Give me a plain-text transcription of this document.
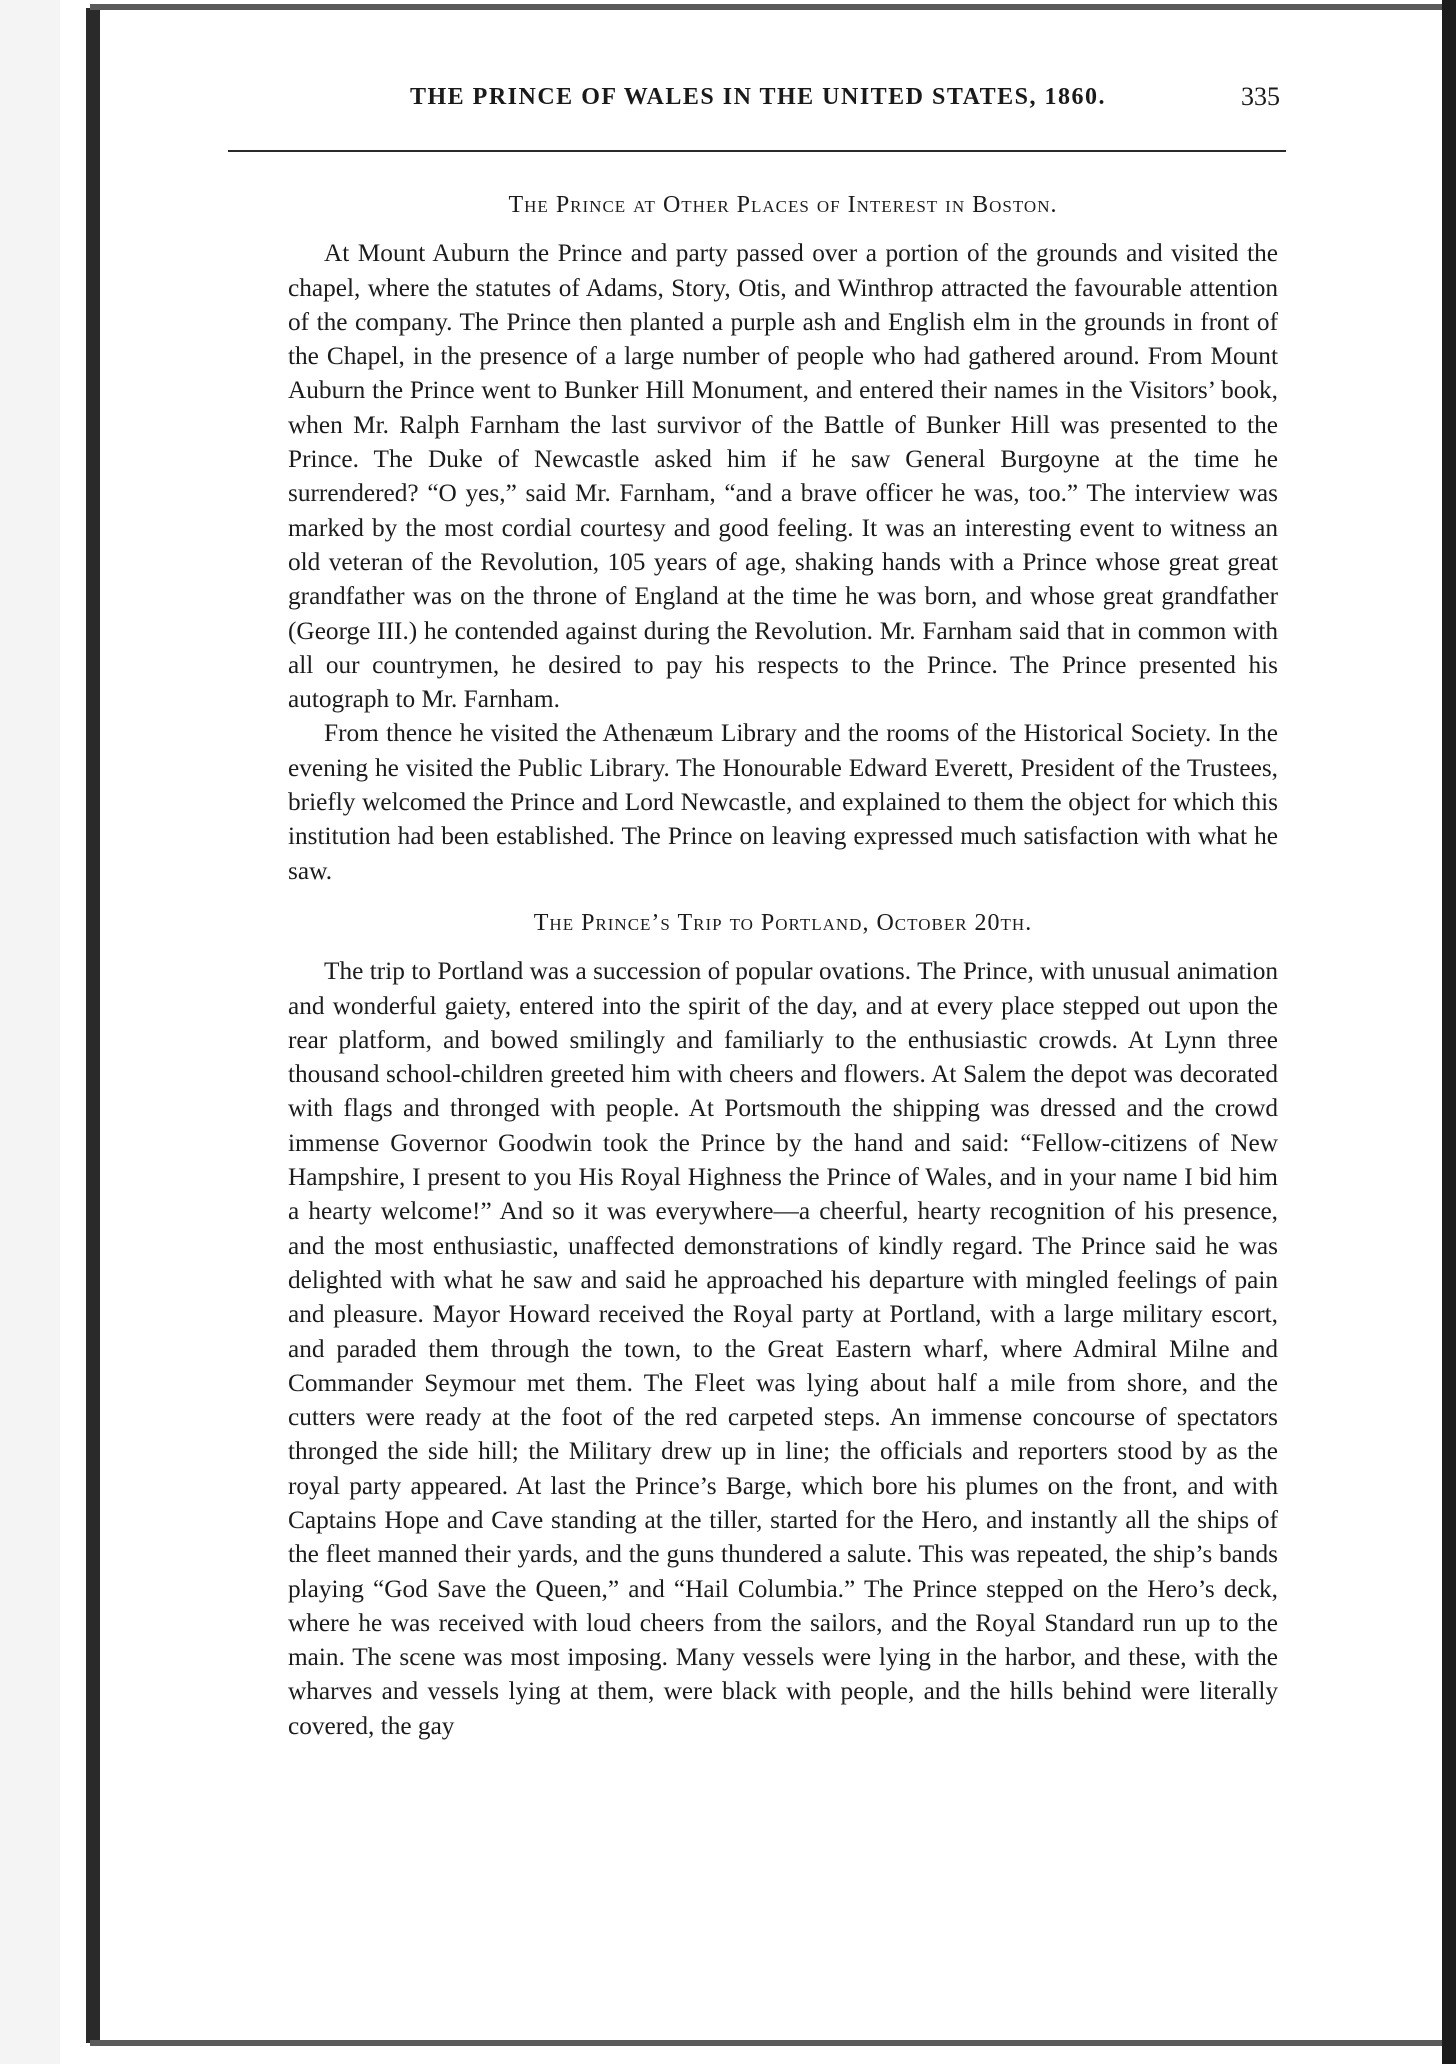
THE PRINCE OF WALES IN THE UNITED STATES, 1860.	335
The Prince at Other Places of Interest in Boston.

At Mount Auburn the Prince and party passed over a portion of the grounds and visited the chapel, where the statutes of Adams, Story, Otis, and Winthrop attracted the favourable attention of the company. The Prince then planted a purple ash and English elm in the grounds in front of the Chapel, in the presence of a large number of people who had gathered around. From Mount Auburn the Prince went to Bunker Hill Monument, and entered their names in the Visitors’ book, when Mr. Ralph Farnham the last survivor of the Battle of Bunker Hill was presented to the Prince. The Duke of Newcastle asked him if he saw General Burgoyne at the time he surrendered? “O yes,” said Mr. Farnham, “and a brave officer he was, too.” The interview was marked by the most cordial courtesy and good feeling. It was an interesting event to witness an old veteran of the Revolution, 105 years of age, shaking hands with a Prince whose great great grandfather was on the throne of England at the time he was born, and whose great grandfather (George III.) he contended against during the Revolution. Mr. Farnham said that in common with all our countrymen, he desired to pay his respects to the Prince. The Prince presented his autograph to Mr. Farnham.

From thence he visited the Athenæum Library and the rooms of the Historical Society. In the evening he visited the Public Library. The Honourable Edward Everett, President of the Trustees, briefly welcomed the Prince and Lord Newcastle, and explained to them the object for which this institution had been established. The Prince on leaving expressed much satisfaction with what he saw.

The Prince’s Trip to Portland, October 20th.

The trip to Portland was a succession of popular ovations. The Prince, with unusual animation and wonderful gaiety, entered into the spirit of the day, and at every place stepped out upon the rear platform, and bowed smilingly and familiarly to the enthusiastic crowds. At Lynn three thousand school-children greeted him with cheers and flowers. At Salem the depot was decorated with flags and thronged with people. At Portsmouth the shipping was dressed and the crowd immense Governor Goodwin took the Prince by the hand and said: “Fellow-citizens of New Hampshire, I present to you His Royal Highness the Prince of Wales, and in your name I bid him a hearty welcome!” And so it was everywhere—a cheerful, hearty recognition of his presence, and the most enthusiastic, unaffected demonstrations of kindly regard. The Prince said he was delighted with what he saw and said he approached his departure with mingled feelings of pain and pleasure. Mayor Howard received the Royal party at Portland, with a large military escort, and paraded them through the town, to the Great Eastern wharf, where Admiral Milne and Commander Seymour met them. The Fleet was lying about half a mile from shore, and the cutters were ready at the foot of the red carpeted steps. An immense concourse of spectators thronged the side hill; the Military drew up in line; the officials and reporters stood by as the royal party appeared. At last the Prince’s Barge, which bore his plumes on the front, and with Captains Hope and Cave standing at the tiller, started for the Hero, and instantly all the ships of the fleet manned their yards, and the guns thundered a salute. This was repeated, the ship’s bands playing “God Save the Queen,” and “Hail Columbia.” The Prince stepped on the Hero’s deck, where he was received with loud cheers from the sailors, and the Royal Standard run up to the main. The scene was most imposing. Many vessels were lying in the harbor, and these, with the wharves and vessels lying at them, were black with people, and the hills behind were literally covered, the gay
